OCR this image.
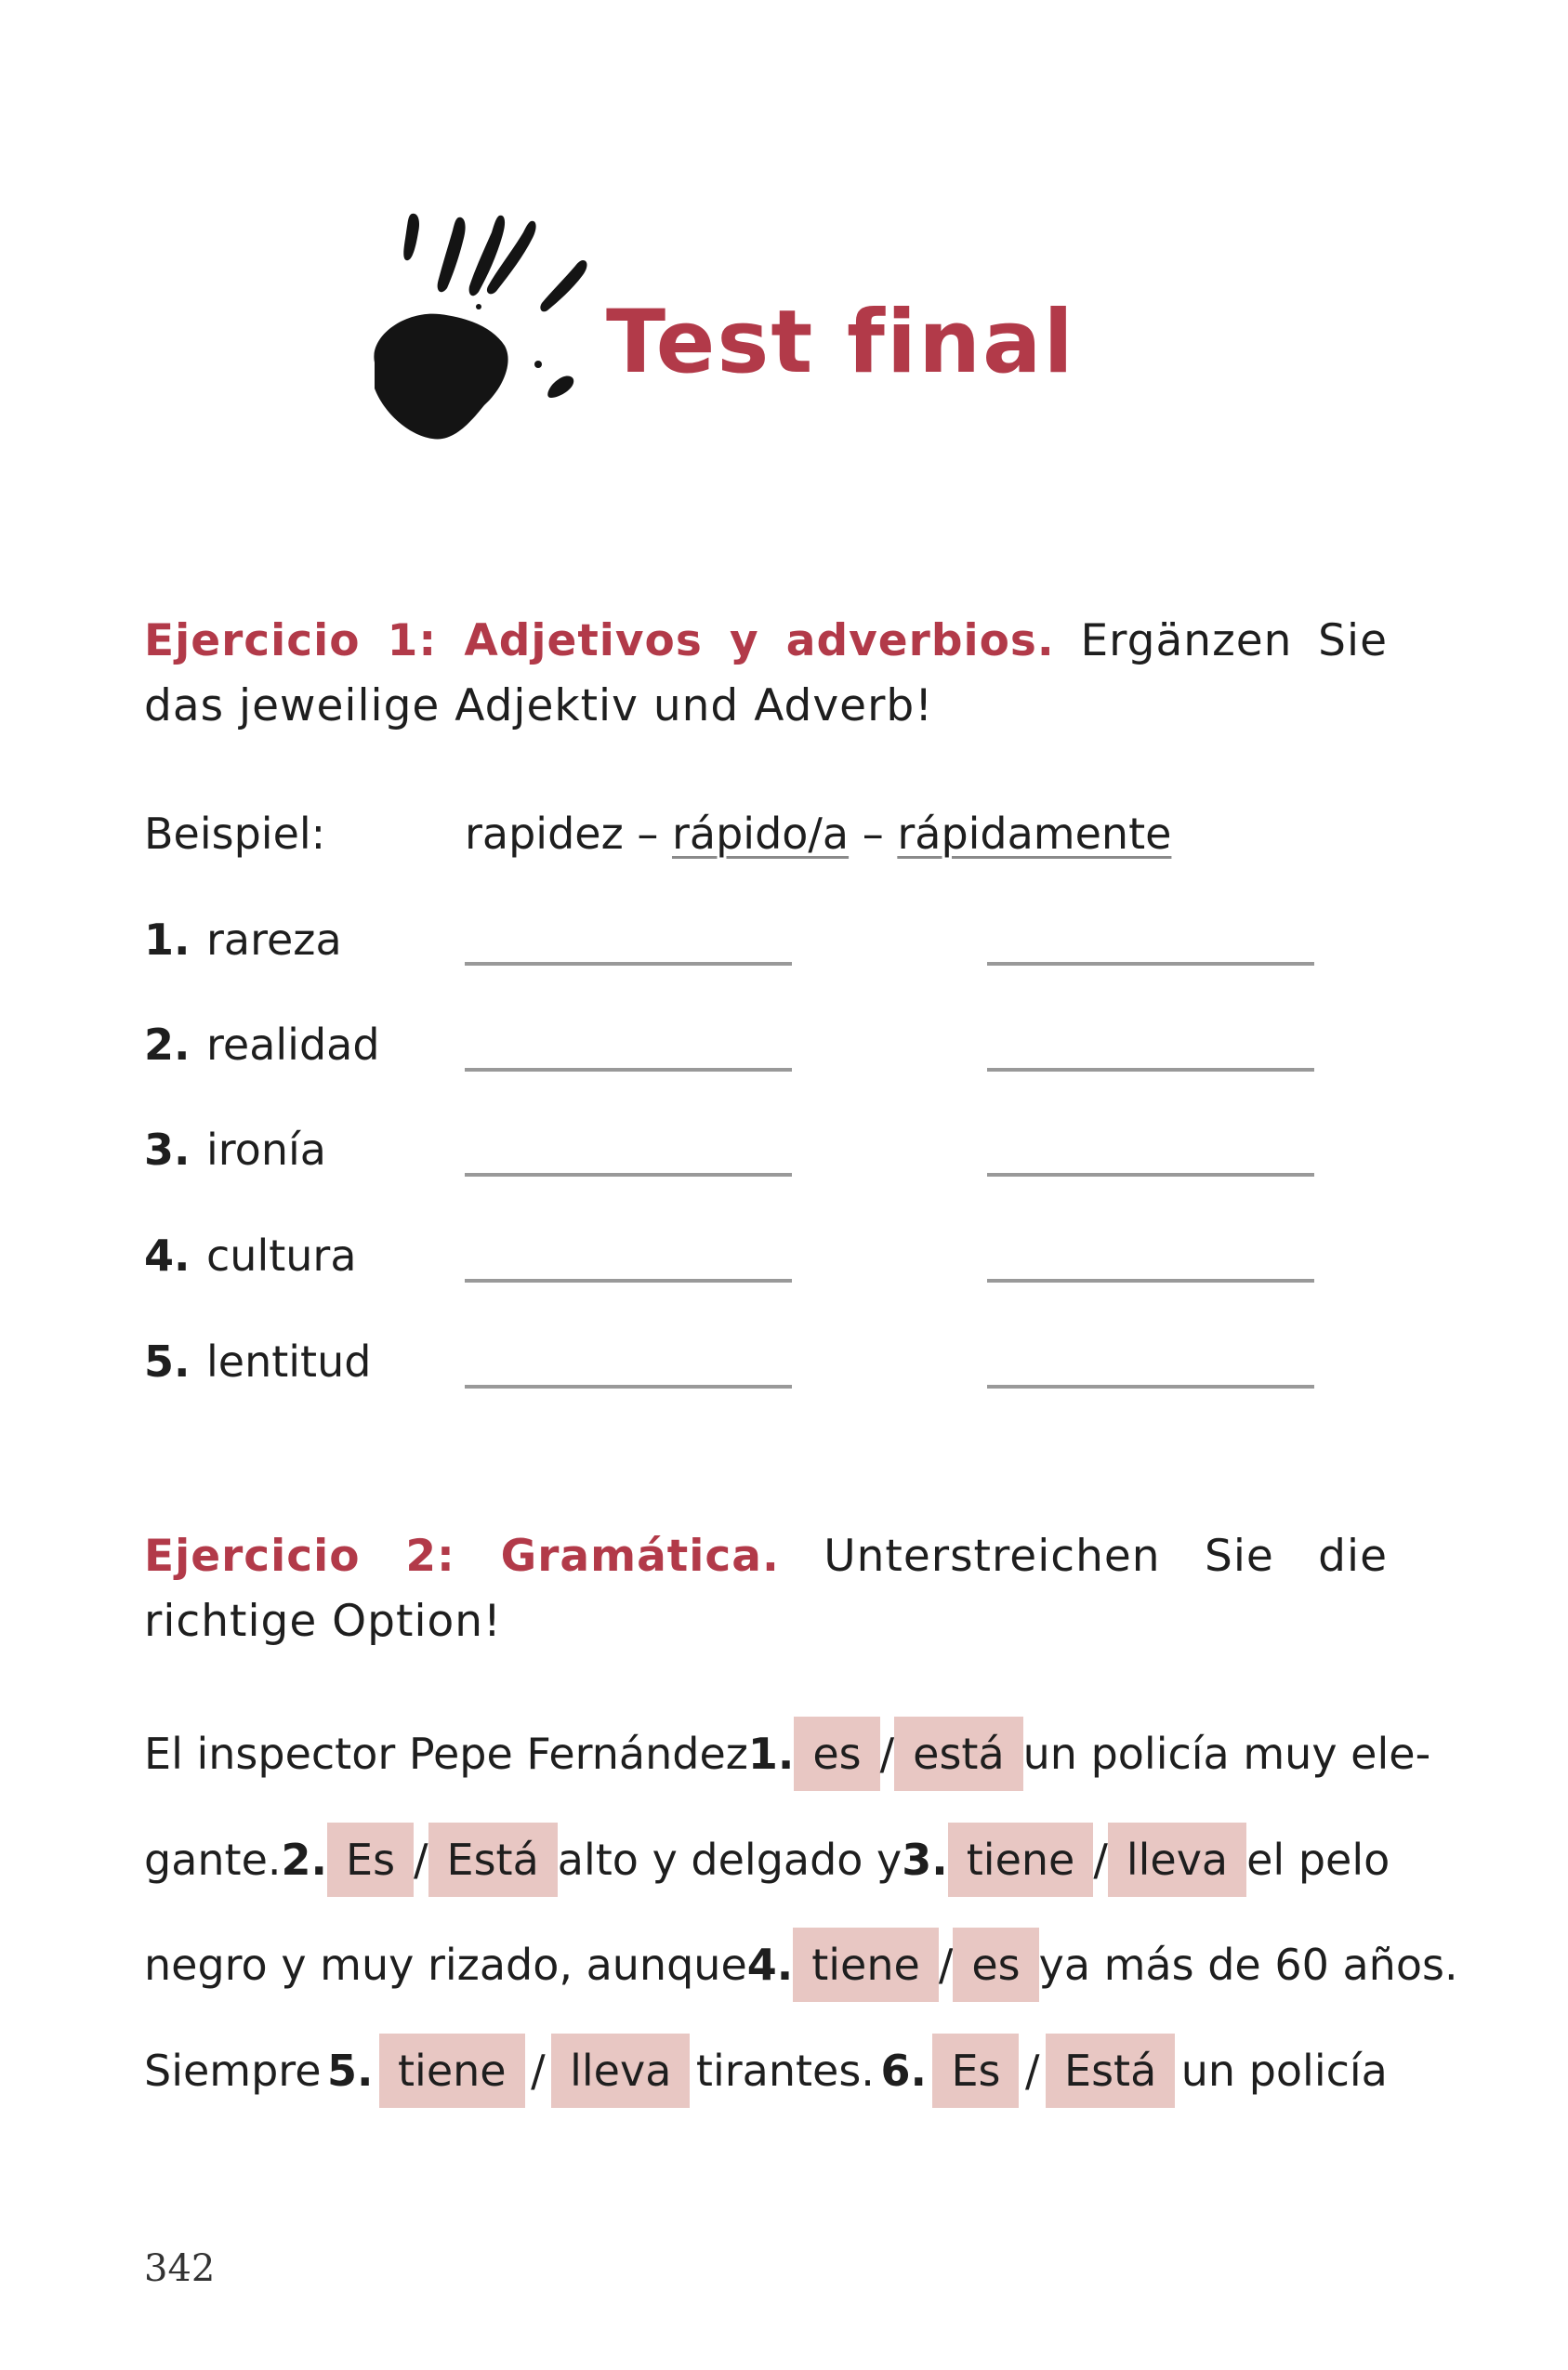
Test final

Ejercicio 1: Adjetivos y adverbios. Ergänzen Sie das jeweilige Adjektiv und Adverb!

Beispiel:	rapidez – rápido/a – rápidamente
1. rareza
2. realidad
3. ironía
4. cultura
5. lentitud

Ejercicio 2: Gramática. Unterstreichen Sie die richtige Option!

El inspector Pepe Fernández 1. es / está un policía muy ele-
gante. 2. Es / Está alto y delgado y 3. tiene / lleva el pelo
negro y muy rizado, aunque 4. tiene / es ya más de 60 años.
Siempre 5. tiene / lleva tirantes. 6. Es / Está un policía
342
